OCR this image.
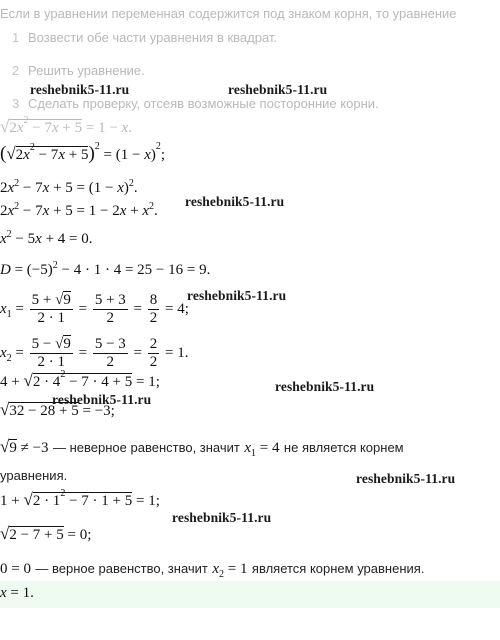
Если в уравнении переменная содержится под знаком корня, то уравнение
1 Возвести обе части уравнения в квадрат.
2 Решить уравнение.
3 Сделать проверку, отсеяв возможные посторонние корни.
reshebnik5-11.ru	reshebnik5-11.ru
reshebnik5-11.ru
reshebnik5-11.ru
reshebnik5-11.ru
reshebnik5-11.ru
reshebnik5-11.ru
reshebnik5-11.ru
$√2x^2 - 7x + 5 = 1 - x$.
$(√2x^2 - 7x + 5)^2 = (1 - x)^2$;
$2x^2 - 7x + 5 = (1 - x)^2$.
$2x^2 - 7x + 5 = 1 - 2x + x^2$.
$x^2 - 5x + 4 = 0$.
$D = (-5)^2 - 4 \cdot 1 \cdot 4 = 25 - 16 = 9$.
$x_1 = \frac{5 + √9}{2 \cdot 1} = \frac{5 + 3}{2} = \frac{8}{2} = 4$;
$x_2 = \frac{5 - √9}{2 \cdot 1} = \frac{5 - 3}{2} = \frac{2}{2} = 1$.
$4 + √2 \cdot 4^2 - 7 \cdot 4 + 5 = 1$;
√32 − 28 + 5 = −3;
√9 ≠ −3 — неверное равенство, значит $x_1 = 4$ не является корнем
уравнения.
$1 + √2 \cdot 1^2 - 7 \cdot 1 + 5 = 1$;
√2 − 7 + 5 = 0;
0 = 0 — верное равенство, значит $x_2 = 1$ является корнем уравнения.
x = 1.
